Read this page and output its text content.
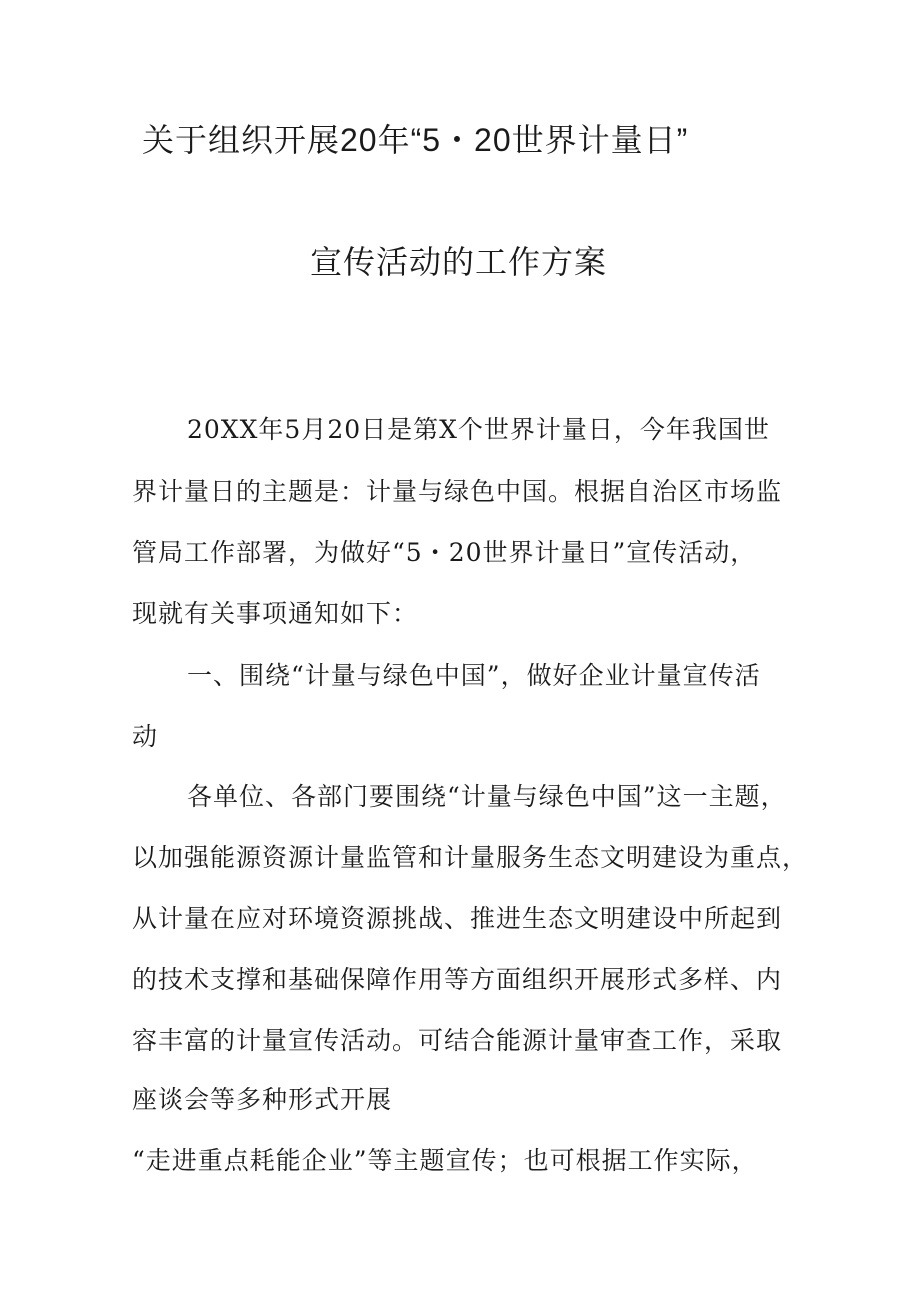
关于组织开展20年“5・20世界计量日”
宣传活动的工作方案
20XX年5月20日是第X个世界计量日，今年我国世
界计量日的主题是：计量与绿色中国。根据自治区市场监
管局工作部署，为做好“5・20世界计量日”宣传活动，
现就有关事项通知如下：
一、围绕“计量与绿色中国”，做好企业计量宣传活
动
各单位、各部门要围绕“计量与绿色中国”这一主题，
以加强能源资源计量监管和计量服务生态文明建设为重点，
从计量在应对环境资源挑战、推进生态文明建设中所起到
的技术支撑和基础保障作用等方面组织开展形式多样、内
容丰富的计量宣传活动。可结合能源计量审查工作，采取
座谈会等多种形式开展
“走进重点耗能企业”等主题宣传；也可根据工作实际，
